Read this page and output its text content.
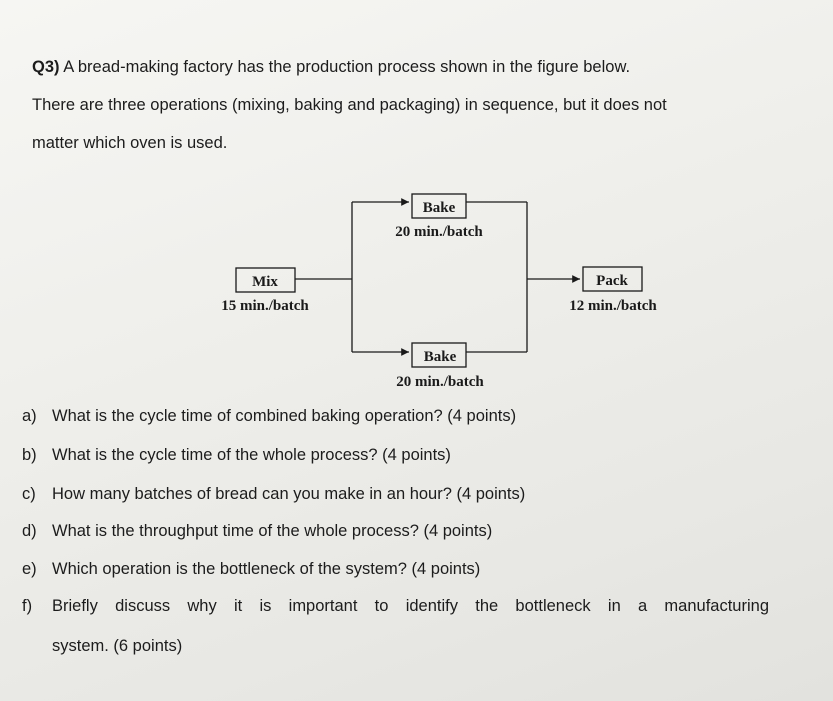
Q3) A bread-making factory has the production process shown in the figure below.
There are three operations (mixing, baking and packaging) in sequence, but it does not
matter which oven is used.
Mix
15 min./batch
Bake
20 min./batch
Bake
20 min./batch
Pack
12 min./batch
a) What is the cycle time of combined baking operation? (4 points)
b) What is the cycle time of the whole process? (4 points)
c) How many batches of bread can you make in an hour? (4 points)
d) What is the throughput time of the whole process? (4 points)
e) Which operation is the bottleneck of the system? (4 points)
f)	Briefly discuss why it is important to identify the bottleneck in a manufacturing
system. (6 points)
